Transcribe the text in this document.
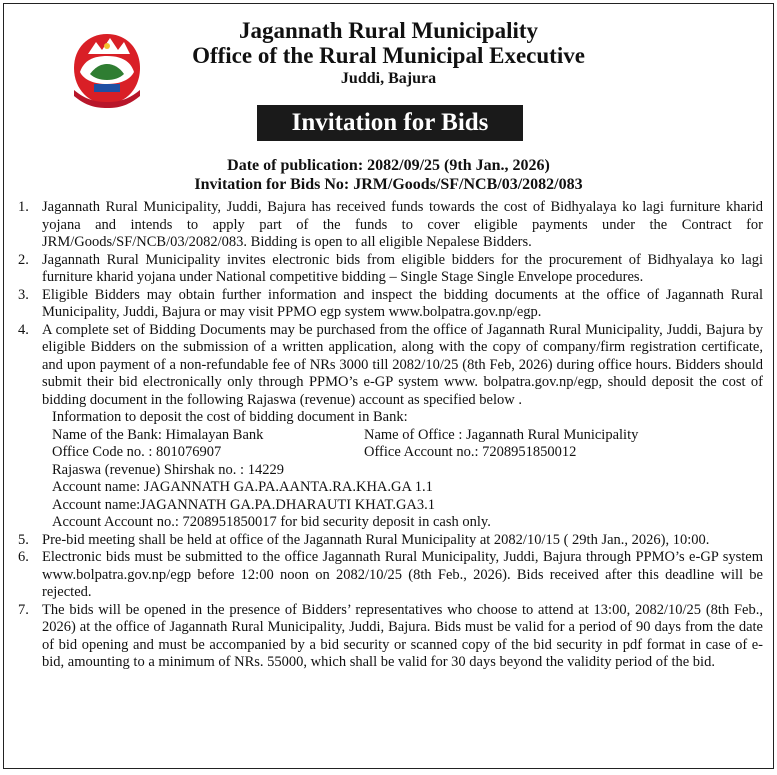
Jagannath Rural Municipality
Office of the Rural Municipal Executive
Juddi, Bajura
Invitation for Bids
Date of publication: 2082/09/25 (9th Jan., 2026)
Invitation for Bids No: JRM/Goods/SF/NCB/03/2082/083
1. Jagannath Rural Municipality, Juddi, Bajura has received funds towards the cost of Bidhyalaya ko lagi furniture kharid yojana and intends to apply part of the funds to cover eligible payments under the Contract for JRM/Goods/SF/NCB/03/2082/083. Bidding is open to all eligible Nepalese Bidders.
2. Jagannath Rural Municipality invites electronic bids from eligible bidders for the procurement of Bidhyalaya ko lagi furniture kharid yojana under National competitive bidding – Single Stage Single Envelope procedures.
3. Eligible Bidders may obtain further information and inspect the bidding documents at the office of Jagannath Rural Municipality, Juddi, Bajura or may visit PPMO egp system www.bolpatra.gov.np/egp.
4. A complete set of Bidding Documents may be purchased from the office of Jagannath Rural Municipality, Juddi, Bajura by eligible Bidders on the submission of a written application, along with the copy of company/firm registration certificate, and upon payment of a non-refundable fee of NRs 3000 till 2082/10/25 (8th Feb, 2026) during office hours. Bidders should submit their bid electronically only through PPMO’s e-GP system www. bolpatra.gov.np/egp, should deposit the cost of bidding document in the following Rajaswa (revenue) account as specified below .
Information to deposit the cost of bidding document in Bank:
Name of the Bank: Himalayan Bank	Name of Office : Jagannath Rural Municipality
Office Code no. : 801076907	Office Account no.: 7208951850012
Rajaswa (revenue) Shirshak no. : 14229
Account name: JAGANNATH GA.PA.AANTA.RA.KHA.GA 1.1
Account name:JAGANNATH GA.PA.DHARAUTI KHAT.GA3.1
Account Account no.: 7208951850017 for bid security deposit in cash only.
5. Pre-bid meeting shall be held at office of the Jagannath Rural Municipality at 2082/10/15 ( 29th Jan., 2026), 10:00.
6. Electronic bids must be submitted to the office Jagannath Rural Municipality, Juddi, Bajura through PPMO’s e-GP system www.bolpatra.gov.np/egp before 12:00 noon on 2082/10/25 (8th Feb., 2026). Bids received after this deadline will be rejected.
7. The bids will be opened in the presence of Bidders’ representatives who choose to attend at 13:00, 2082/10/25 (8th Feb., 2026) at the office of Jagannath Rural Municipality, Juddi, Bajura. Bids must be valid for a period of 90 days from the date of bid opening and must be accompanied by a bid security or scanned copy of the bid security in pdf format in case of e-bid, amounting to a minimum of NRs. 55000, which shall be valid for 30 days beyond the validity period of the bid.
